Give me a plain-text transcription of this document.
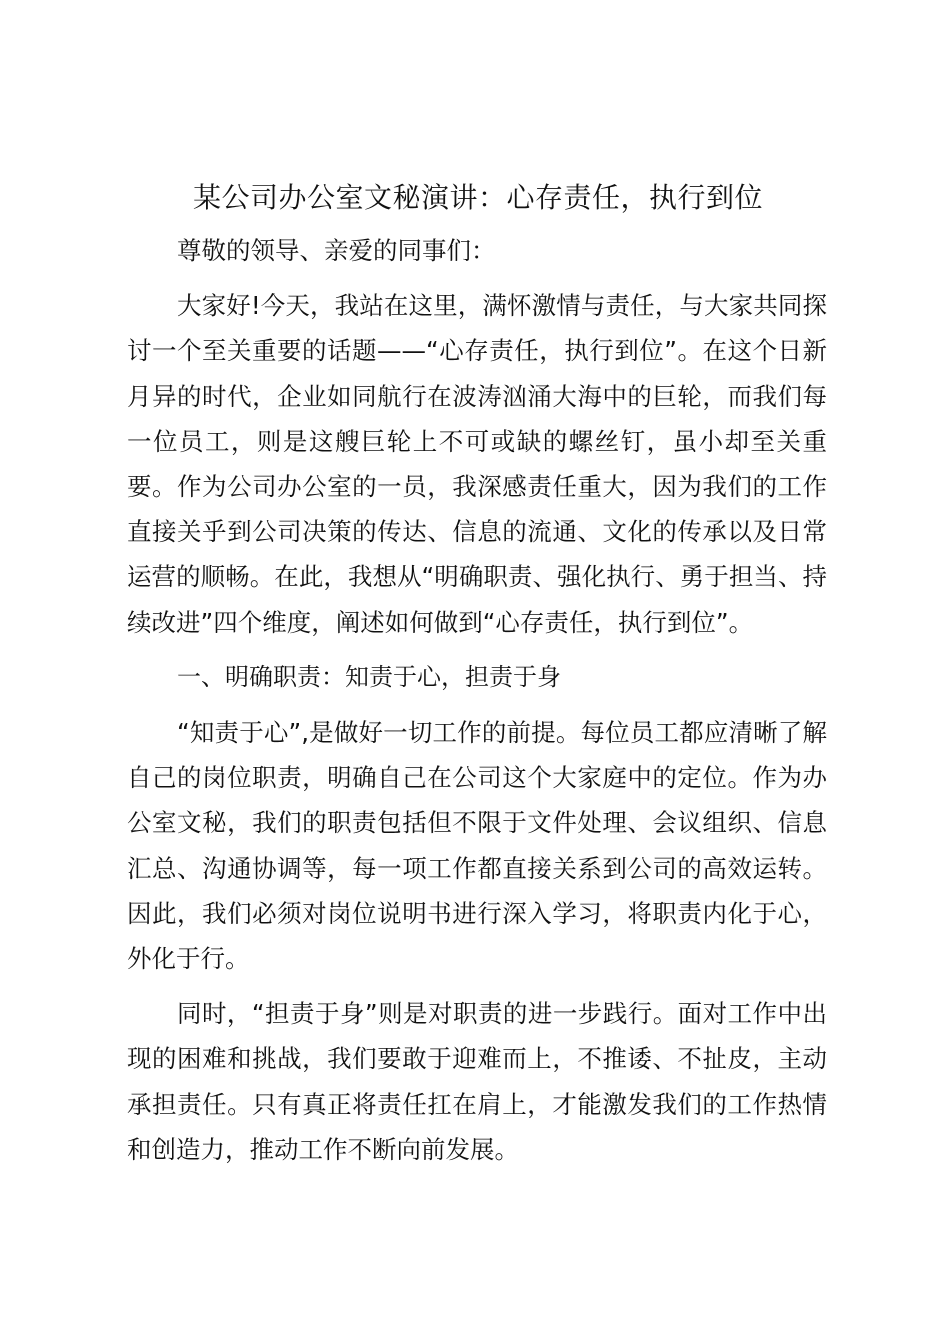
某公司办公室文秘演讲：心存责任，执行到位

尊敬的领导、亲爱的同事们：

大家好!今天，我站在这里，满怀激情与责任，与大家共同探讨一个至关重要的话题——“心存责任，执行到位”。在这个日新月异的时代，企业如同航行在波涛汹涌大海中的巨轮，而我们每一位员工，则是这艘巨轮上不可或缺的螺丝钉，虽小却至关重要。作为公司办公室的一员，我深感责任重大，因为我们的工作直接关乎到公司决策的传达、信息的流通、文化的传承以及日常运营的顺畅。在此，我想从“明确职责、强化执行、勇于担当、持续改进”四个维度，阐述如何做到“心存责任，执行到位”。

一、明确职责：知责于心，担责于身

“知责于心”,是做好一切工作的前提。每位员工都应清晰了解自己的岗位职责，明确自己在公司这个大家庭中的定位。作为办公室文秘，我们的职责包括但不限于文件处理、会议组织、信息汇总、沟通协调等，每一项工作都直接关系到公司的高效运转。因此，我们必须对岗位说明书进行深入学习，将职责内化于心，外化于行。

同时，“担责于身”则是对职责的进一步践行。面对工作中出现的困难和挑战，我们要敢于迎难而上，不推诿、不扯皮，主动承担责任。只有真正将责任扛在肩上，才能激发我们的工作热情和创造力，推动工作不断向前发展。
